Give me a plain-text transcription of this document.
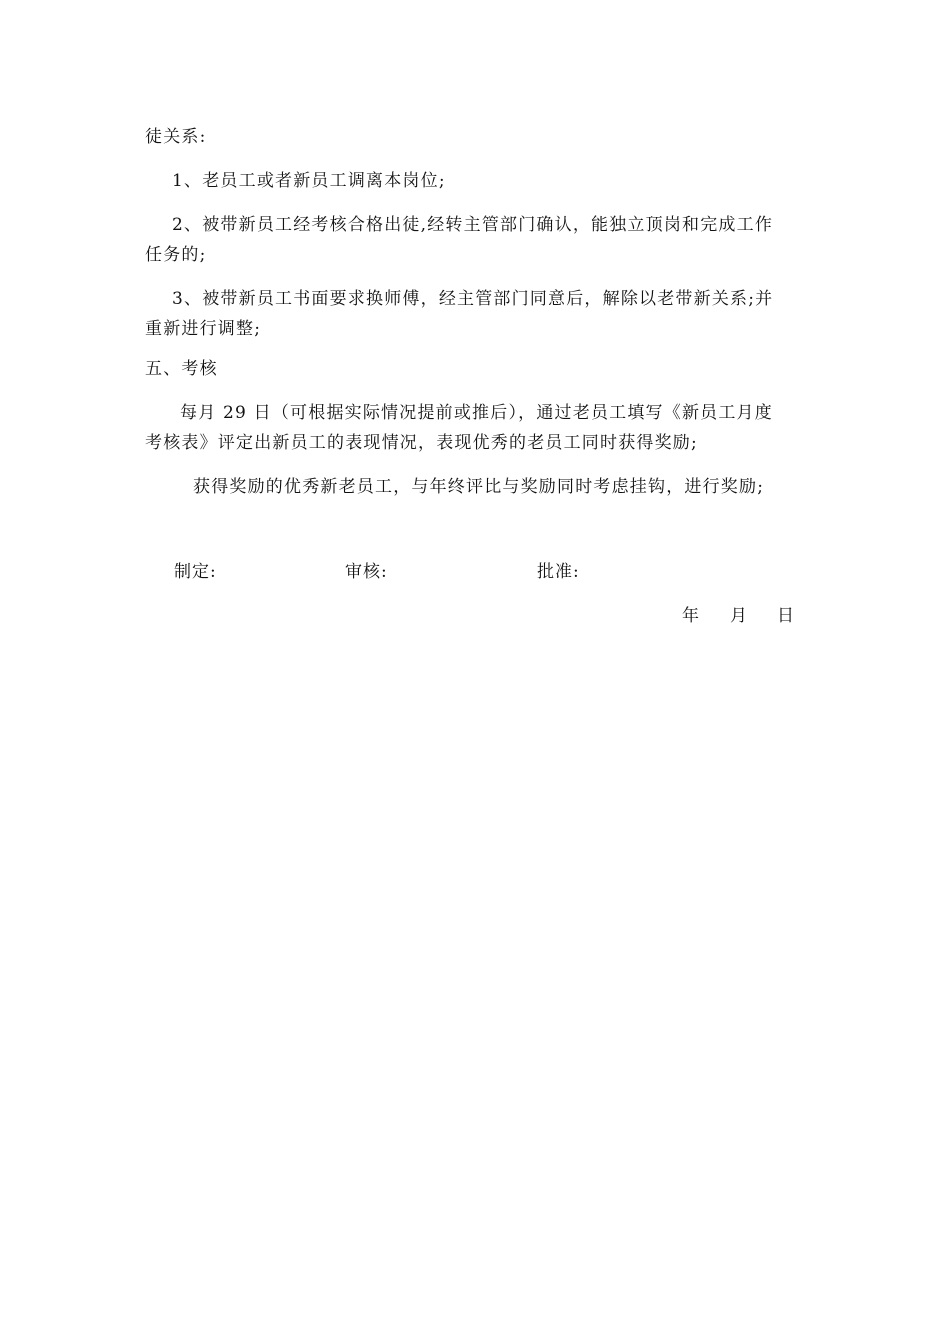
徒关系:
1、老员工或者新员工调离本岗位;
2、被带新员工经考核合格出徒,经转主管部门确认，能独立顶岗和完成工作
任务的;
3、被带新员工书面要求换师傅，经主管部门同意后，解除以老带新关系;并
重新进行调整;
五、考核
每月 29 日（可根据实际情况提前或推后），通过老员工填写《新员工月度
考核表》评定出新员工的表现情况，表现优秀的老员工同时获得奖励;
获得奖励的优秀新老员工，与年终评比与奖励同时考虑挂钩，进行奖励;
制定:	审核:	批准:
年 月 日
